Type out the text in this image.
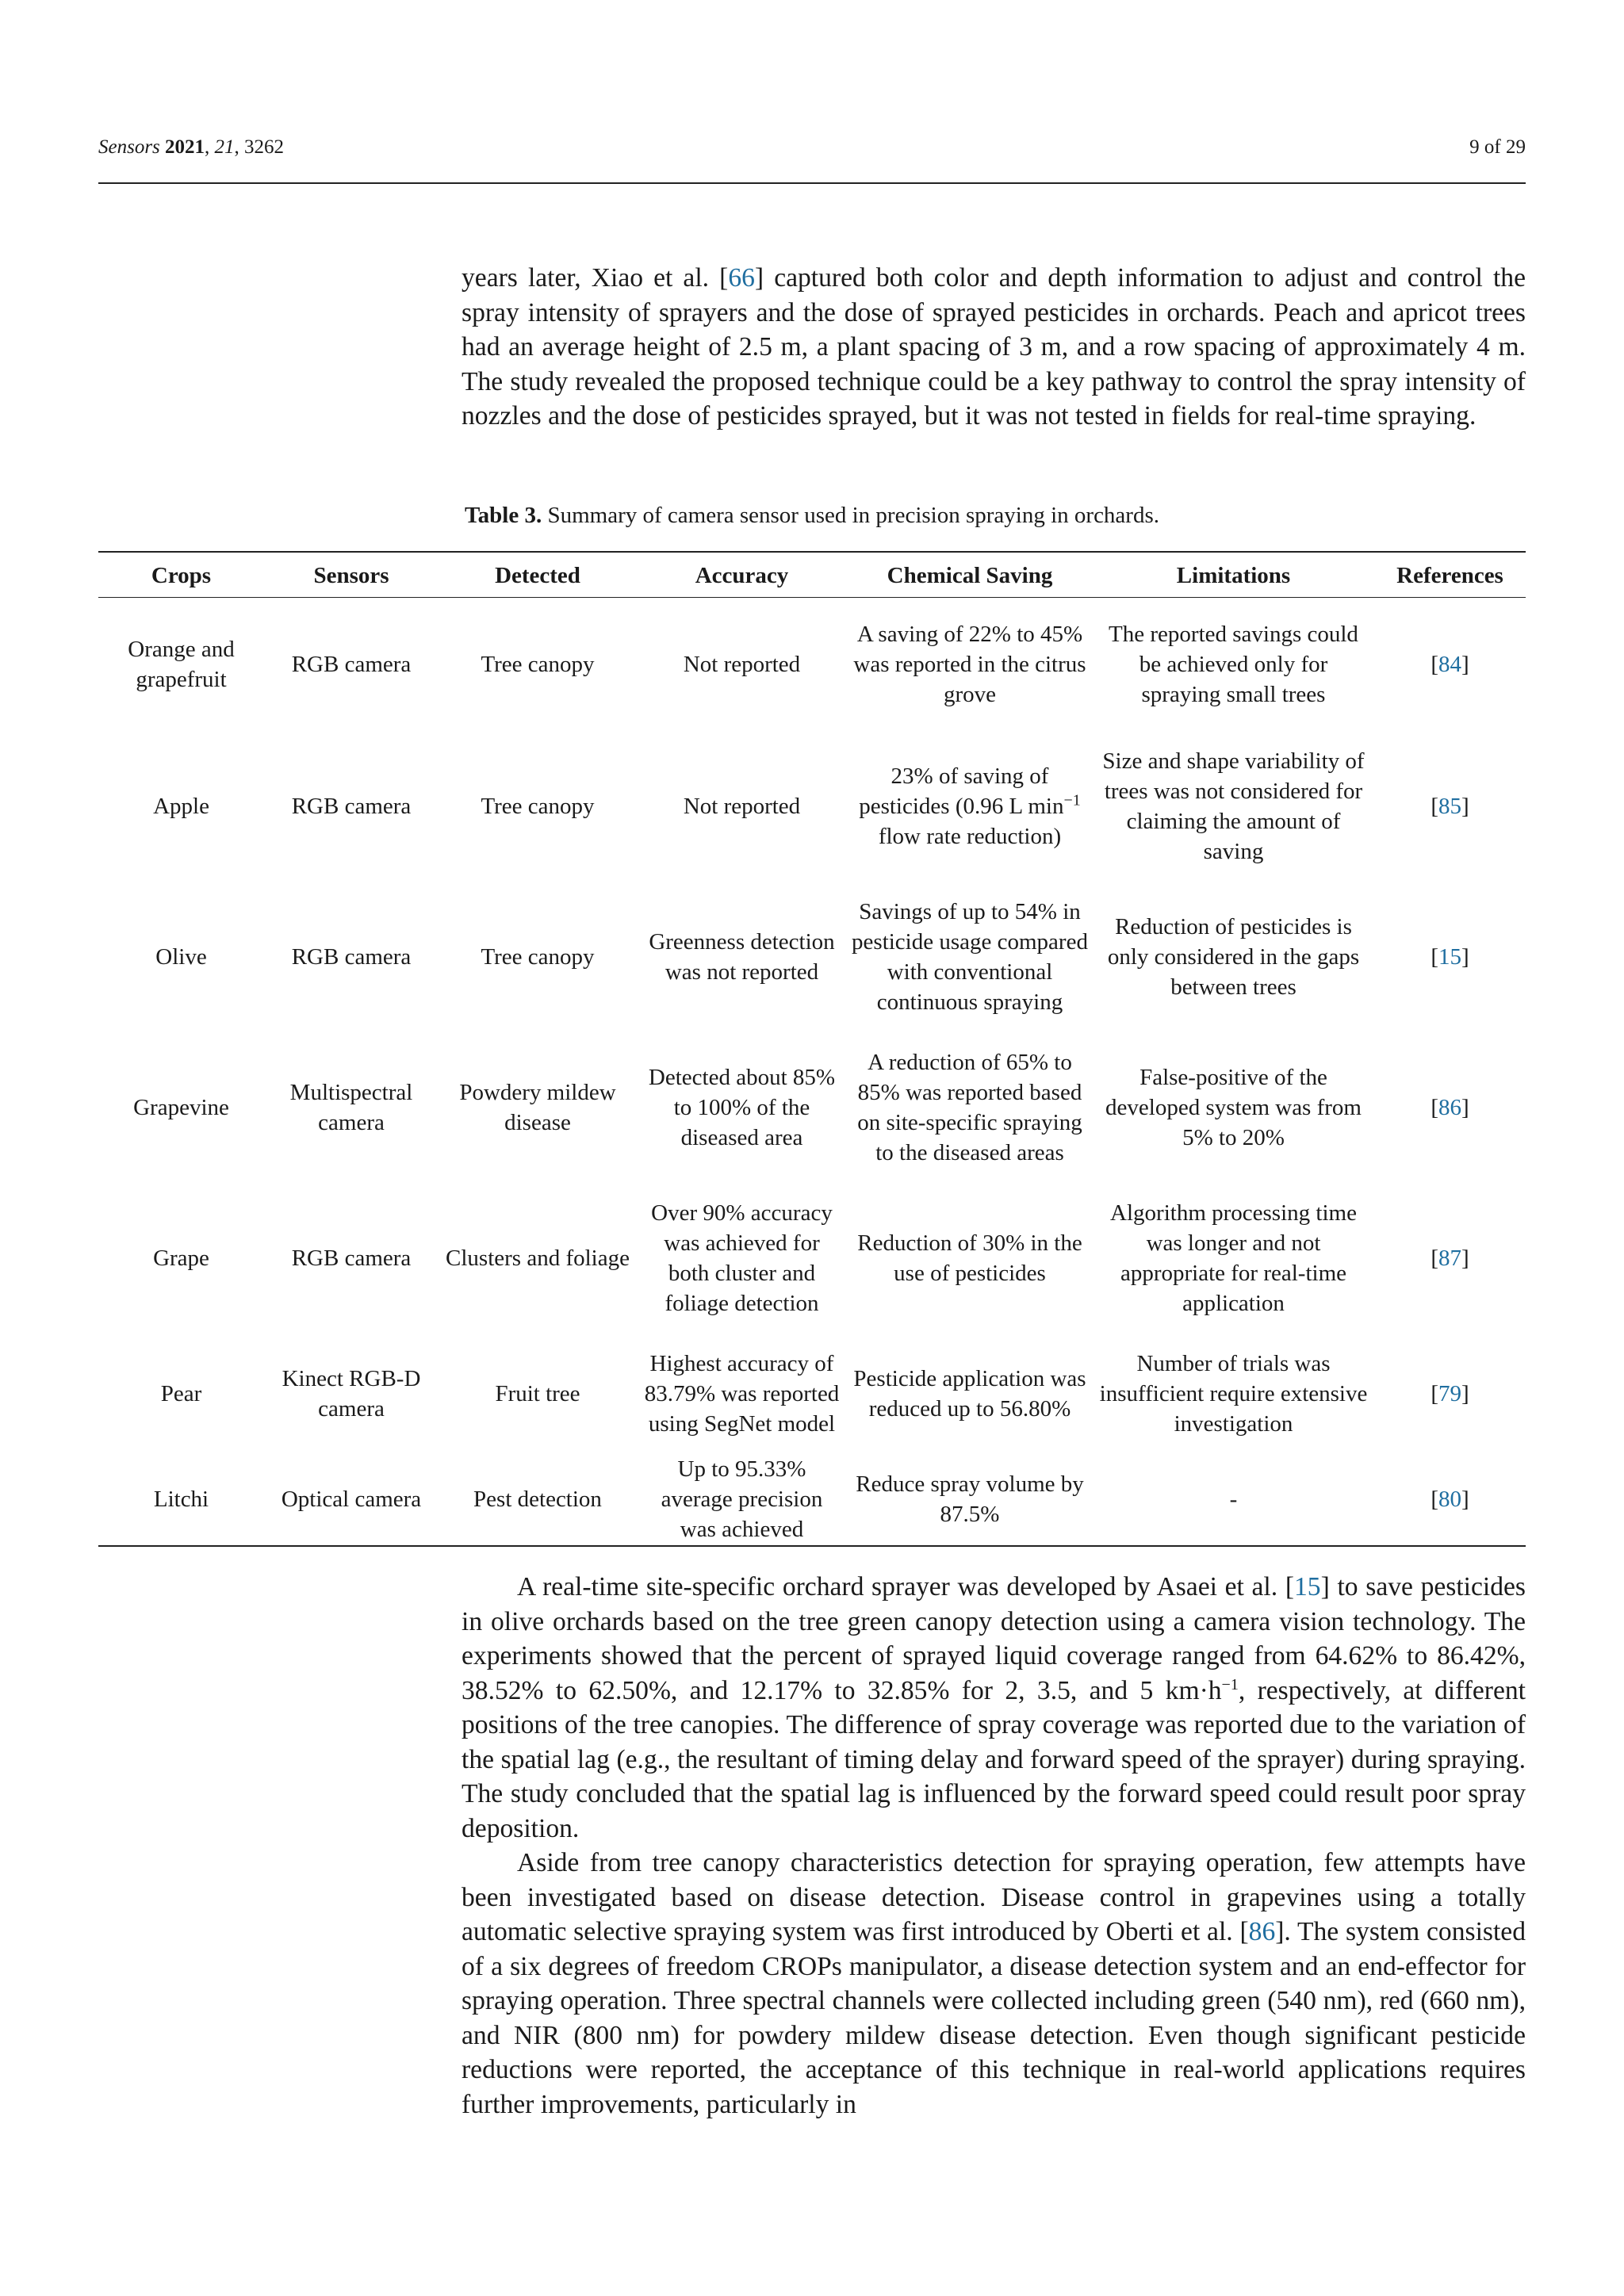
Sensors 2021, 21, 3262	9 of 29

years later, Xiao et al. [66] captured both color and depth information to adjust and control the spray intensity of sprayers and the dose of sprayed pesticides in orchards. Peach and apricot trees had an average height of 2.5 m, a plant spacing of 3 m, and a row spacing of approximately 4 m. The study revealed the proposed technique could be a key pathway to control the spray intensity of nozzles and the dose of pesticides sprayed, but it was not tested in fields for real-time spraying.

Table 3. Summary of camera sensor used in precision spraying in orchards.
Crops	Sensors	Detected	Accuracy	Chemical Saving	Limitations	References
Orange and grapefruit	RGB camera	Tree canopy	Not reported	A saving of 22% to 45% was reported in the citrus grove	The reported savings could be achieved only for spraying small trees	[84]
Apple	RGB camera	Tree canopy	Not reported	23% of saving of pesticides (0.96 L $\min^{-1}$ flow rate reduction)	Size and shape variability of trees was not considered for claiming the amount of saving	[85]
Olive	RGB camera	Tree canopy	Greenness detection was not reported	Savings of up to 54% in pesticide usage compared with conventional continuous spraying	Reduction of pesticides is only considered in the gaps between trees	[15]
Grapevine	Multispectral camera	Powdery mildew disease	Detected about 85% to 100% of the diseased area	A reduction of 65% to 85% was reported based on site-specific spraying to the diseased areas	False-positive of the developed system was from 5% to 20%	[86]
Grape	RGB camera	Clusters and foliage	Over 90% accuracy was achieved for both cluster and foliage detection	Reduction of 30% in the use of pesticides	Algorithm processing time was longer and not appropriate for real-time application	[87]
Pear	Kinect RGB-D camera	Fruit tree	Highest accuracy of 83.79% was reported using SegNet model	Pesticide application was reduced up to 56.80%	Number of trials was insufficient require extensive investigation	[79]
Litchi	Optical camera	Pest detection	Up to 95.33% average precision was achieved	Reduce spray volume by 87.5%	-	[80]

A real-time site-specific orchard sprayer was developed by Asaei et al. [15] to save pesticides in olive orchards based on the tree green canopy detection using a camera vision technology. The experiments showed that the percent of sprayed liquid coverage ranged from 64.62% to 86.42%, 38.52% to 62.50%, and 12.17% to 32.85% for 2, 3.5, and 5 $km\cdot h^{-1}$, respectively, at different positions of the tree canopies. The difference of spray coverage was reported due to the variation of the spatial lag (e.g., the resultant of timing delay and forward speed of the sprayer) during spraying. The study concluded that the spatial lag is influenced by the forward speed could result poor spray deposition.

Aside from tree canopy characteristics detection for spraying operation, few attempts have been investigated based on disease detection. Disease control in grapevines using a totally automatic selective spraying system was first introduced by Oberti et al. [86]. The system consisted of a six degrees of freedom CROPs manipulator, a disease detection system and an end-effector for spraying operation. Three spectral channels were collected including green (540 nm), red (660 nm), and NIR (800 nm) for powdery mildew disease detection. Even though significant pesticide reductions were reported, the acceptance of this technique in real-world applications requires further improvements, particularly in
